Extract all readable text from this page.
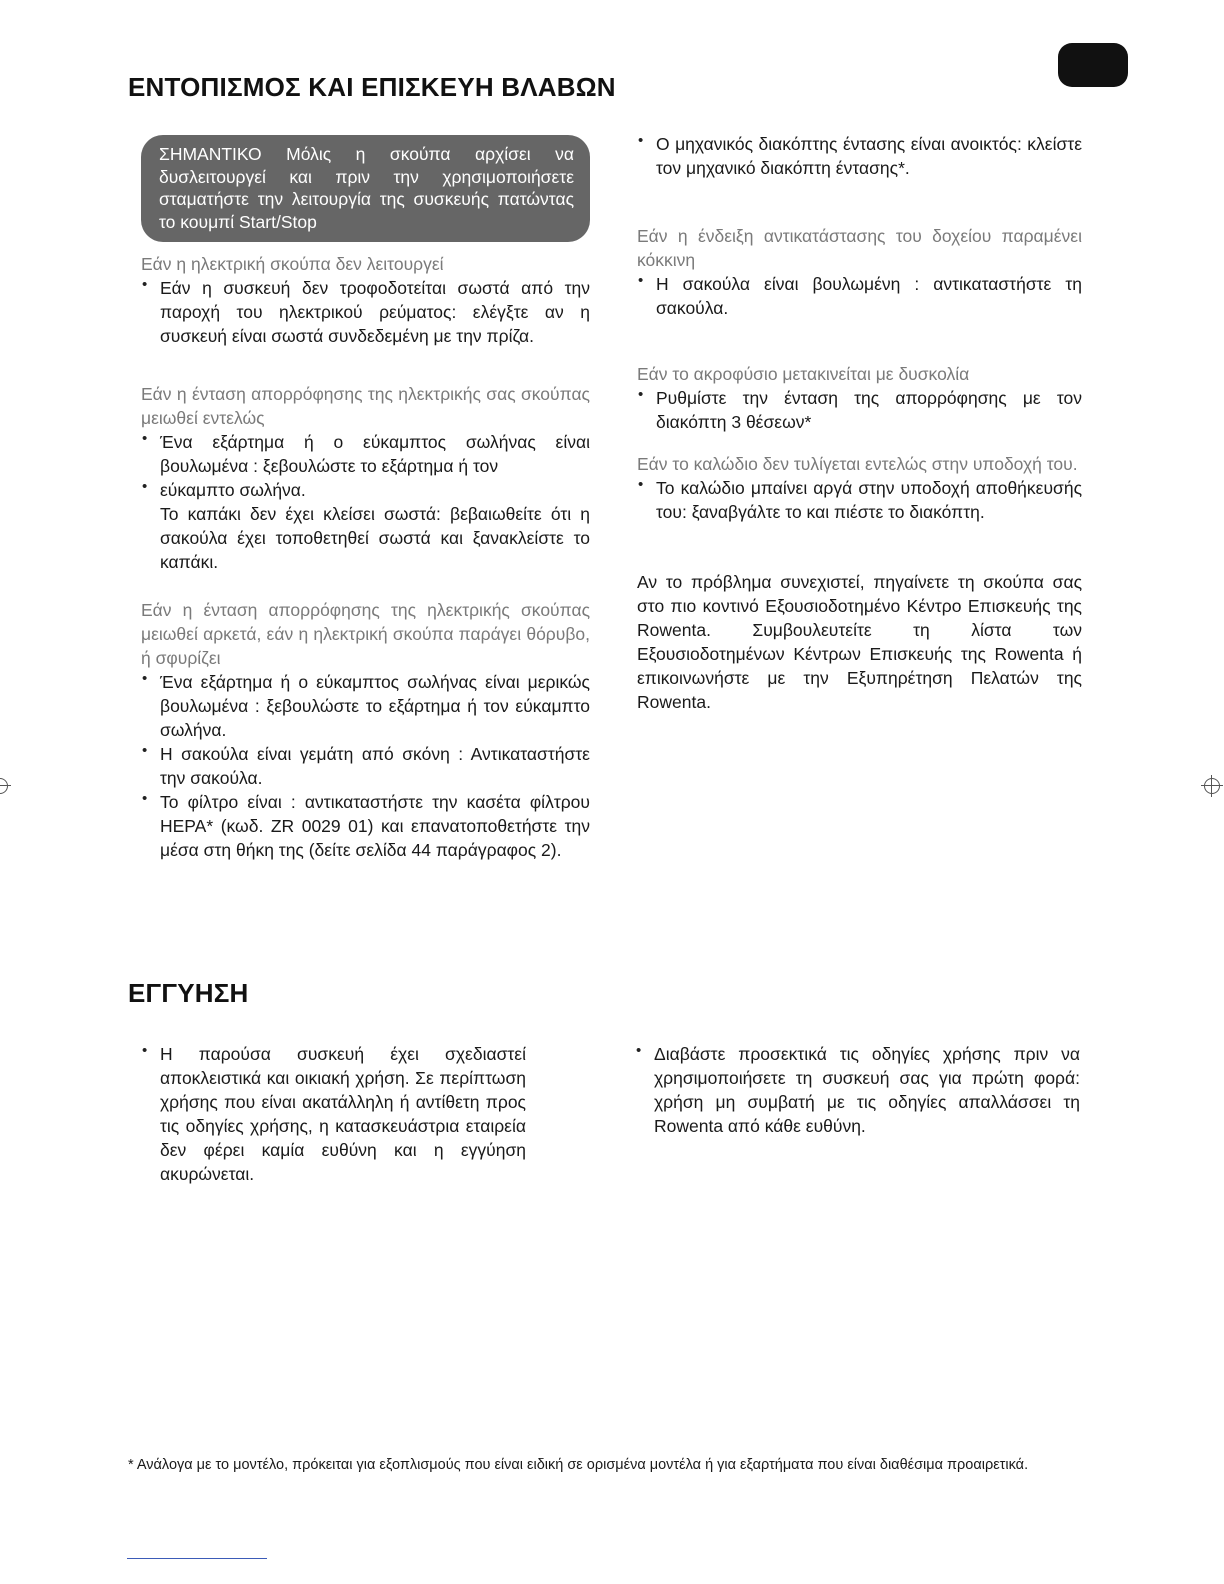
ΕΝΤΟΠΙΣΜΟΣ ΚΑΙ ΕΠΙΣΚΕΥΗ ΒΛΑΒΩΝ
ΣΗΜΑΝΤΙΚΟ Μόλις η σκούπα αρχίσει να δυσλειτουργεί και πριν την χρησιμοποιήσετε σταματήστε την λειτουργία της συσκευής πατώντας το κουμπί Start/Stop

Εάν η ηλεκτρική σκούπα δεν λειτουργεί

• Εάν η συσκευή δεν τροφοδοτείται σωστά από την παροχή του ηλεκτρικού ρεύματος: ελέγξτε αν η συσκευή είναι σωστά συνδεδεμένη με την πρίζα.

Εάν η ένταση απορρόφησης της ηλεκτρικής σας σκούπας μειωθεί εντελώς

• Ένα εξάρτημα ή ο εύκαμπτος σωλήνας είναι βουλωμένα : ξεβουλώστε το εξάρτημα ή τον
• εύκαμπτο σωλήνα.
Το καπάκι δεν έχει κλείσει σωστά: βεβαιωθείτε ότι η σακούλα έχει τοποθετηθεί σωστά και ξανακλείστε το καπάκι.

Εάν η ένταση απορρόφησης της ηλεκτρικής σκούπας μειωθεί αρκετά, εάν η ηλεκτρική σκούπα παράγει θόρυβο, ή σφυρίζει

• Ένα εξάρτημα ή ο εύκαμπτος σωλήνας είναι μερικώς βουλωμένα : ξεβουλώστε το εξάρτημα ή τον εύκαμπτο σωλήνα.
• Η σακούλα είναι γεμάτη από σκόνη : Αντικαταστήστε την σακούλα.
• Το φίλτρο είναι : αντικαταστήστε την κασέτα φίλτρου HEPA* (κωδ. ZR 0029 01) και επανατοποθετήστε την μέσα στη θήκη της (δείτε σελίδα 44 παράγραφος 2).
• Ο μηχανικός διακόπτης έντασης είναι ανοικτός: κλείστε τον μηχανικό διακόπτη έντασης*.

Εάν η ένδειξη αντικατάστασης του δοχείου παραμένει κόκκινη

• Η σακούλα είναι βουλωμένη : αντικαταστήστε τη σακούλα.

Εάν το ακροφύσιο μετακινείται με δυσκολία

• Ρυθμίστε την ένταση της απορρόφησης με τον διακόπτη 3 θέσεων*

Εάν το καλώδιο δεν τυλίγεται εντελώς στην υποδοχή του.

• Το καλώδιο μπαίνει αργά στην υποδοχή αποθήκευσής του: ξαναβγάλτε το και πιέστε το διακόπτη.

Αν το πρόβλημα συνεχιστεί, πηγαίνετε τη σκούπα σας στο πιο κοντινό Εξουσιοδοτημένο Κέντρο Επισκευής της Rowenta. Συμβουλευτείτε τη λίστα των Εξουσιοδοτημένων Κέντρων Επισκευής της Rowenta ή επικοινωνήστε με την Εξυπηρέτηση Πελατών της Rowenta.

ΕΓΓΥΗΣΗ
• Η παρούσα συσκευή έχει σχεδιαστεί αποκλειστικά και οικιακή χρήση. Σε περίπτωση χρήσης που είναι ακατάλληλη ή αντίθετη προς τις οδηγίες χρήσης, η κατασκευάστρια εταιρεία δεν φέρει καμία ευθύνη και η εγγύηση ακυρώνεται.
• Διαβάστε προσεκτικά τις οδηγίες χρήσης πριν να χρησιμοποιήσετε τη συσκευή σας για πρώτη φορά: χρήση μη συμβατή με τις οδηγίες απαλλάσσει τη Rowenta από κάθε ευθύνη.
* Ανάλογα με το μοντέλο, πρόκειται για εξοπλισμούς που είναι ειδική σε ορισμένα μοντέλα ή για εξαρτήματα που είναι διαθέσιμα προαιρετικά.
